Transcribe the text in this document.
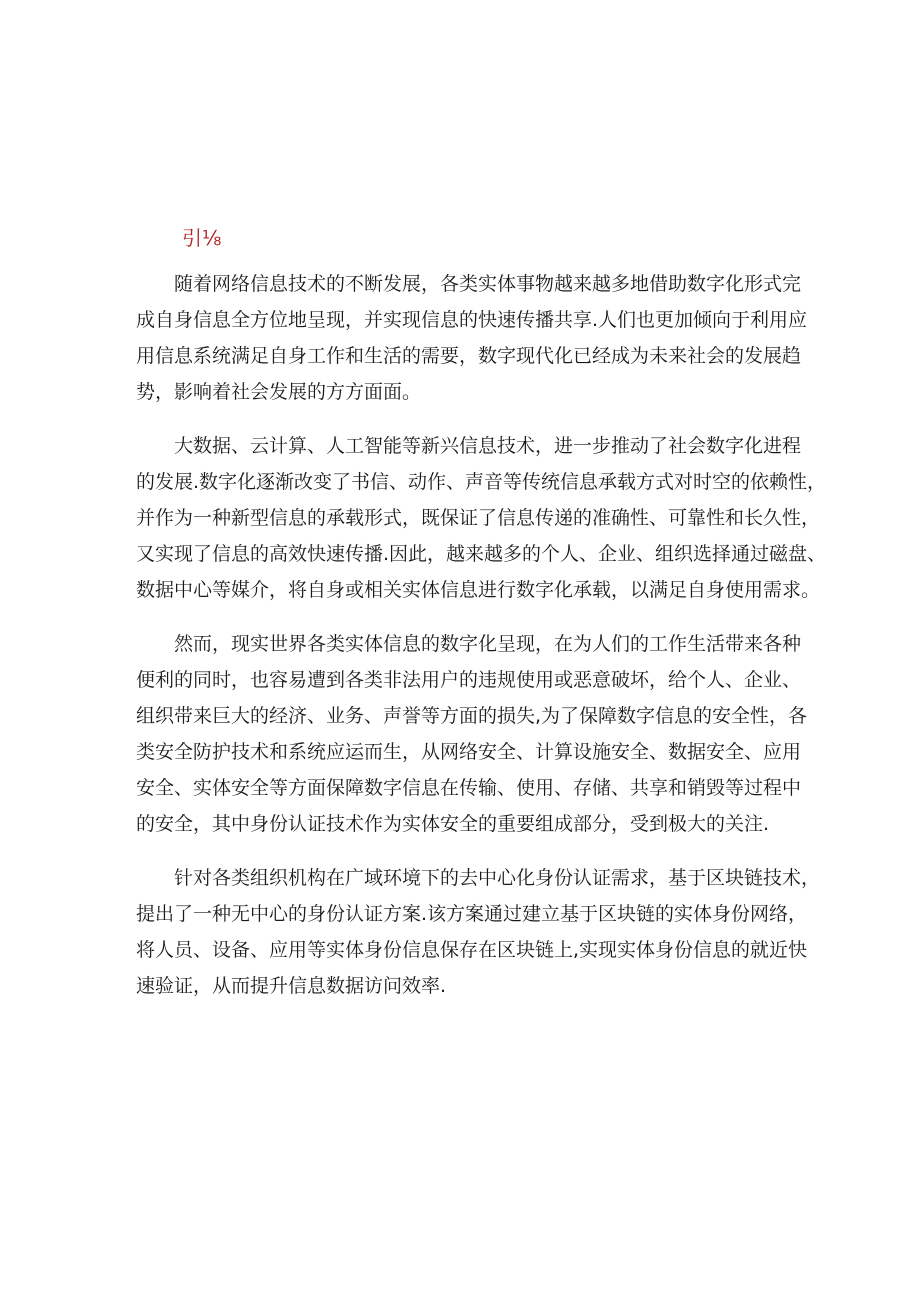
引⅛

随着网络信息技术的不断发展，各类实体事物越来越多地借助数字化形式完
成自身信息全方位地呈现，并实现信息的快速传播共享.人们也更加倾向于利用应
用信息系统满足自身工作和生活的需要，数字现代化已经成为未来社会的发展趋
势，影响着社会发展的方方面面。

大数据、云计算、人工智能等新兴信息技术，进一步推动了社会数字化进程
的发展.数字化逐渐改变了书信、动作、声音等传统信息承载方式对时空的依赖性，
并作为一种新型信息的承载形式，既保证了信息传递的准确性、可靠性和长久性，
又实现了信息的高效快速传播.因此，越来越多的个人、企业、组织选择通过磁盘、
数据中心等媒介，将自身或相关实体信息进行数字化承载，以满足自身使用需求。

然而，现实世界各类实体信息的数字化呈现，在为人们的工作生活带来各种
便利的同时，也容易遭到各类非法用户的违规使用或恶意破坏，给个人、企业、
组织带来巨大的经济、业务、声誉等方面的损失,为了保障数字信息的安全性，各
类安全防护技术和系统应运而生，从网络安全、计算设施安全、数据安全、应用
安全、实体安全等方面保障数字信息在传输、使用、存储、共享和销毁等过程中
的安全，其中身份认证技术作为实体安全的重要组成部分，受到极大的关注.

针对各类组织机构在广域环境下的去中心化身份认证需求，基于区块链技术，
提出了一种无中心的身份认证方案.该方案通过建立基于区块链的实体身份网络，
将人员、设备、应用等实体身份信息保存在区块链上,实现实体身份信息的就近快
速验证，从而提升信息数据访问效率.
